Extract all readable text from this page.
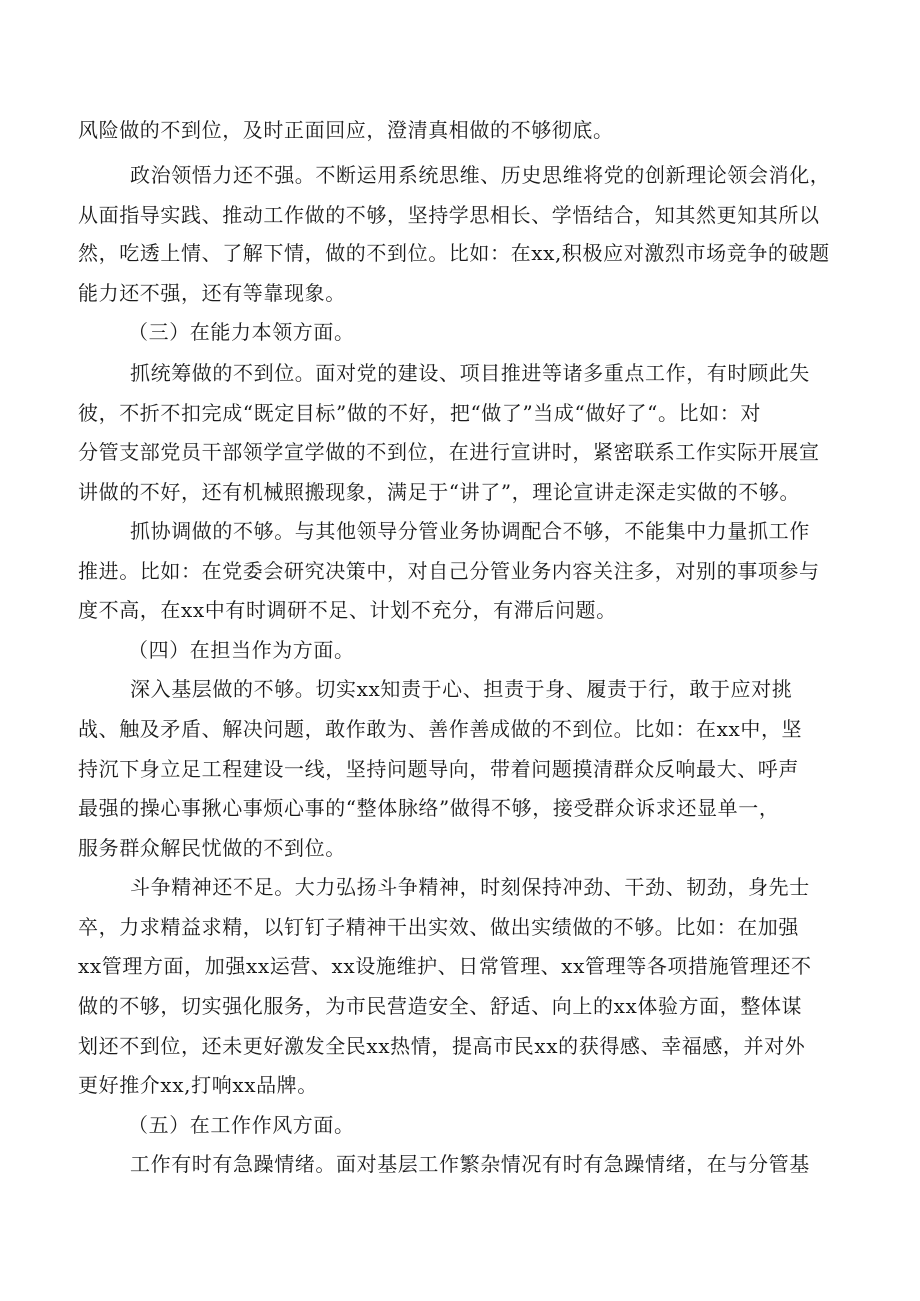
风险做的不到位，及时正面回应，澄清真相做的不够彻底。
政治领悟力还不强。不断运用系统思维、历史思维将党的创新理论领会消化，
从面指导实践、推动工作做的不够，坚持学思相长、学悟结合，知其然更知其所以
然，吃透上情、了解下情，做的不到位。比如：在xx,积极应对激烈市场竞争的破题
能力还不强，还有等靠现象。
（三）在能力本领方面。
抓统筹做的不到位。面对党的建设、项目推进等诸多重点工作，有时顾此失
彼，不折不扣完成“既定目标”做的不好，把“做了”当成“做好了“。比如：对
分管支部党员干部领学宣学做的不到位，在进行宣讲时，紧密联系工作实际开展宣
讲做的不好，还有机械照搬现象，满足于“讲了”，理论宣讲走深走实做的不够。
抓协调做的不够。与其他领导分管业务协调配合不够，不能集中力量抓工作
推进。比如：在党委会研究决策中，对自己分管业务内容关注多，对别的事项参与
度不高，在xx中有时调研不足、计划不充分，有滞后问题。
（四）在担当作为方面。
深入基层做的不够。切实xx知责于心、担责于身、履责于行，敢于应对挑
战、触及矛盾、解决问题，敢作敢为、善作善成做的不到位。比如：在xx中，坚
持沉下身立足工程建设一线，坚持问题导向，带着问题摸清群众反响最大、呼声
最强的操心事揪心事烦心事的“整体脉络”做得不够，接受群众诉求还显单一，
服务群众解民忧做的不到位。
斗争精神还不足。大力弘扬斗争精神，时刻保持冲劲、干劲、韧劲，身先士
卒，力求精益求精，以钉钉子精神干出实效、做出实绩做的不够。比如：在加强
xx管理方面，加强xx运营、xx设施维护、日常管理、xx管理等各项措施管理还不
做的不够，切实强化服务，为市民营造安全、舒适、向上的xx体验方面，整体谋
划还不到位，还未更好激发全民xx热情，提高市民xx的获得感、幸福感，并对外
更好推介xx,打响xx品牌。
（五）在工作作风方面。
工作有时有急躁情绪。面对基层工作繁杂情况有时有急躁情绪，在与分管基
